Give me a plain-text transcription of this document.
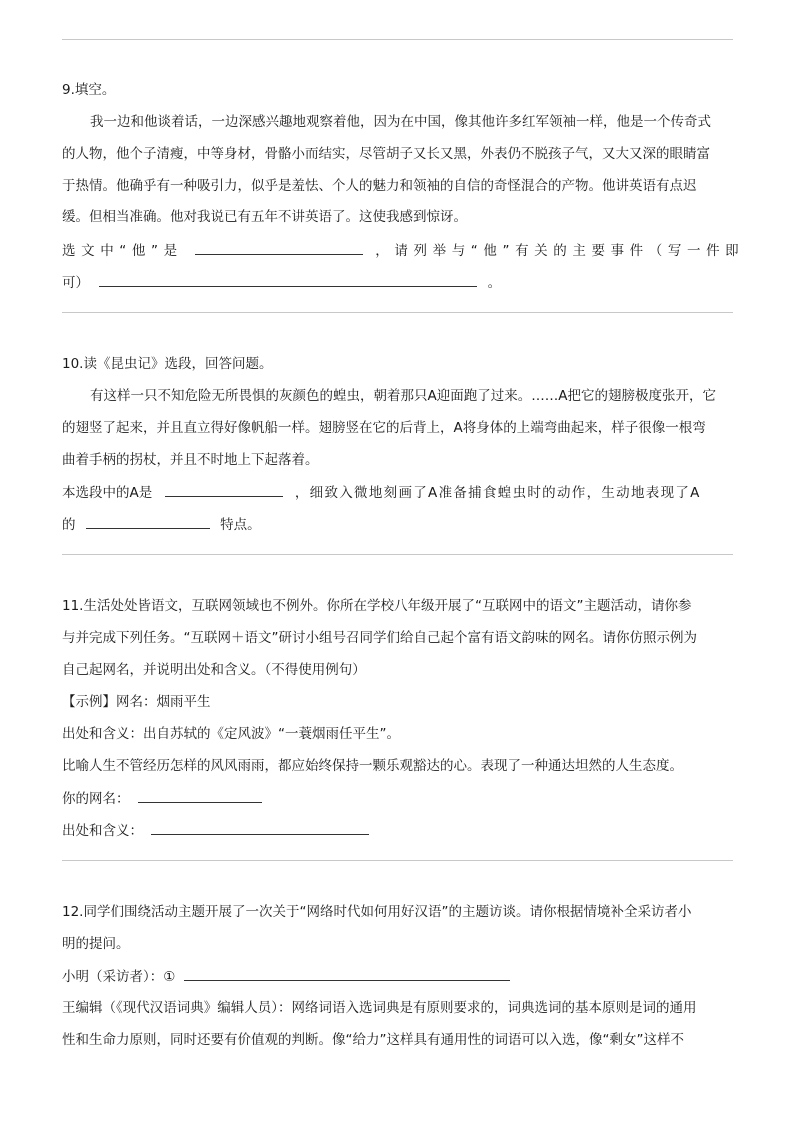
9.填空。
我一边和他谈着话，一边深感兴趣地观察着他，因为在中国，像其他许多红军领袖一样，他是一个传奇式
的人物，他个子清瘦，中等身材，骨骼小而结实，尽管胡子又长又黑，外表仍不脱孩子气，又大又深的眼睛富
于热情。他确乎有一种吸引力，似乎是羞怯、个人的魅力和领袖的自信的奇怪混合的产物。他讲英语有点迟
缓。但相当准确。他对我说已有五年不讲英语了。这使我感到惊讶。
选文中“他”是	，请列举与“他”有关的主要事件（写一件即
可）	。
10.读《昆虫记》选段，回答问题。
有这样一只不知危险无所畏惧的灰颜色的蝗虫，朝着那只A迎面跑了过来。……A把它的翅膀极度张开，它
的翅竖了起来，并且直立得好像帆船一样。翅膀竖在它的后背上，A将身体的上端弯曲起来，样子很像一根弯
曲着手柄的拐杖，并且不时地上下起落着。
本选段中的A是	，细致入微地刻画了A准备捕食蝗虫时的动作，生动地表现了A
的	特点。
11.生活处处皆语文，互联网领域也不例外。你所在学校八年级开展了“互联网中的语文”主题活动，请你参
与并完成下列任务。“互联网＋语文”研讨小组号召同学们给自己起个富有语文韵味的网名。请你仿照示例为
自己起网名，并说明出处和含义。（不得使用例句）
【示例】网名：烟雨平生
出处和含义：出自苏轼的《定风波》“一蓑烟雨任平生”。
比喻人生不管经历怎样的风风雨雨，都应始终保持一颗乐观豁达的心。表现了一种通达坦然的人生态度。
你的网名：
出处和含义：
12.同学们围绕活动主题开展了一次关于“网络时代如何用好汉语”的主题访谈。请你根据情境补全采访者小
明的提问。
小明（采访者）：①
王编辑（《现代汉语词典》编辑人员）：网络词语入选词典是有原则要求的，词典选词的基本原则是词的通用
性和生命力原则，同时还要有价值观的判断。像“给力”这样具有通用性的词语可以入选，像“剩女”这样不
